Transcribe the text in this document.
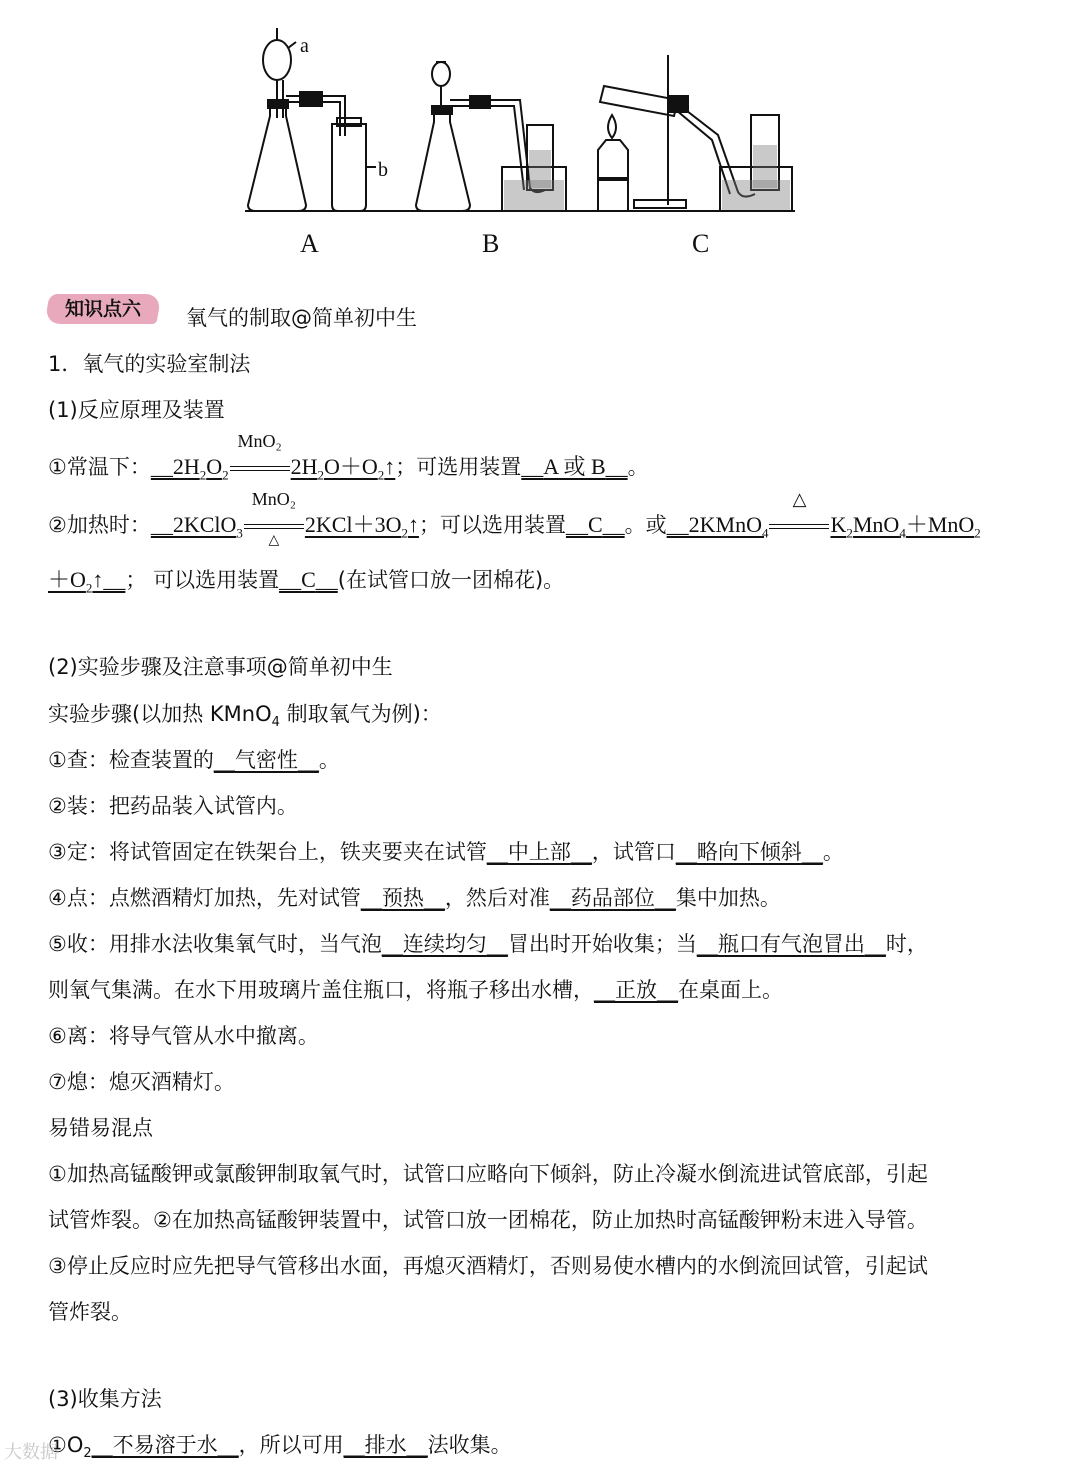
a
b
A	B	C
知识点六	氧气的制取@简单初中生
1．氧气的实验室制法
(1)反应原理及装置
①常温下：$\_\_2H_2O_2$
MnO₂
$2H_2O+O_2↑$；可选用装置__A 或 B__。
②加热时：__2KClO$_3$
MnO₂
△
$2KCl+3O_2↑$；可以选用装置__C__。或__2KMnO$_4$
△
$K_2MnO_4+MnO_2$
$+O_2↑\_\_$； 可以选用装置__C__(在试管口放一团棉花)。
(2)实验步骤及注意事项@简单初中生
实验步骤(以加热 KMnO$_4$ 制取氧气为例)：
①查：检查装置的__气密性__。
②装：把药品装入试管内。
③定：将试管固定在铁架台上，铁夹要夹在试管__中上部__，试管口__略向下倾斜__。
④点：点燃酒精灯加热，先对试管__预热__，然后对准__药品部位__集中加热。
⑤收：用排水法收集氧气时，当气泡__连续均匀__冒出时开始收集；当__瓶口有气泡冒出__时，
则氧气集满。在水下用玻璃片盖住瓶口，将瓶子移出水槽，__正放__在桌面上。
⑥离：将导气管从水中撤离。
⑦熄：熄灭酒精灯。
易错易混点
①加热高锰酸钾或氯酸钾制取氧气时，试管口应略向下倾斜，防止冷凝水倒流进试管底部，引起
试管炸裂。②在加热高锰酸钾装置中，试管口放一团棉花，防止加热时高锰酸钾粉末进入导管。
③停止反应时应先把导气管移出水面，再熄灭酒精灯，否则易使水槽内的水倒流回试管，引起试
管炸裂。
(3)收集方法
$①O_2\_\_$不易溶于水__，所以可用__排水__法收集。
大数据
